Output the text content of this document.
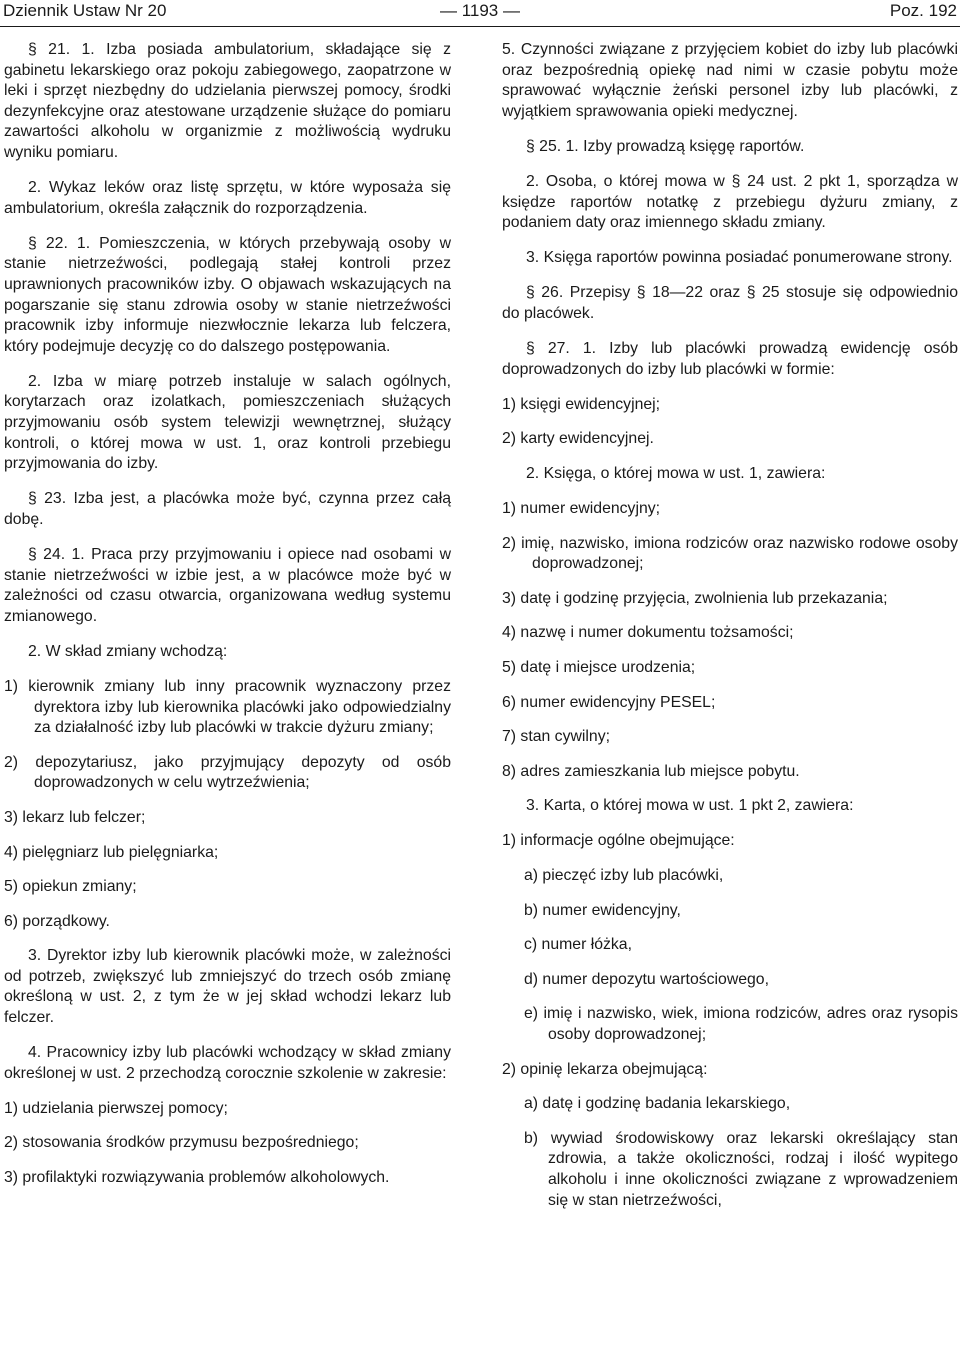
Dziennik Ustaw Nr 20	— 1193 —	Poz. 192

§ 21. 1. Izba posiada ambulatorium, składające się z gabinetu lekarskiego oraz pokoju zabiegowego, zaopatrzone w leki i sprzęt niezbędny do udzielania pierwszej pomocy, środki dezynfekcyjne oraz atestowane urządzenie służące do pomiaru zawartości alkoholu w organizmie z możliwością wydruku wyniku pomiaru.

2. Wykaz leków oraz listę sprzętu, w które wyposaża się ambulatorium, określa załącznik do rozporządzenia.

§ 22. 1. Pomieszczenia, w których przebywają osoby w stanie nietrzeźwości, podlegają stałej kontroli przez uprawnionych pracowników izby. O objawach wskazujących na pogarszanie się stanu zdrowia osoby w stanie nietrzeźwości pracownik izby informuje niezwłocznie lekarza lub felczera, który podejmuje decyzję co do dalszego postępowania.

2. Izba w miarę potrzeb instaluje w salach ogólnych, korytarzach oraz izolatkach, pomieszczeniach służących przyjmowaniu osób system telewizji wewnętrznej, służący kontroli, o której mowa w ust. 1, oraz kontroli przebiegu przyjmowania do izby.

§ 23. Izba jest, a placówka może być, czynna przez całą dobę.

§ 24. 1. Praca przy przyjmowaniu i opiece nad osobami w stanie nietrzeźwości w izbie jest, a w placówce może być w zależności od czasu otwarcia, organizowana według systemu zmianowego.

2. W skład zmiany wchodzą:

1) kierownik zmiany lub inny pracownik wyznaczony przez dyrektora izby lub kierownika placówki jako odpowiedzialny za działalność izby lub placówki w trakcie dyżuru zmiany;

2) depozytariusz, jako przyjmujący depozyty od osób doprowadzonych w celu wytrzeźwienia;

3) lekarz lub felczer;

4) pielęgniarz lub pielęgniarka;

5) opiekun zmiany;

6) porządkowy.

3. Dyrektor izby lub kierownik placówki może, w zależności od potrzeb, zwiększyć lub zmniejszyć do trzech osób zmianę określoną w ust. 2, z tym że w jej skład wchodzi lekarz lub felczer.

4. Pracownicy izby lub placówki wchodzący w skład zmiany określonej w ust. 2 przechodzą corocznie szkolenie w zakresie:

1) udzielania pierwszej pomocy;

2) stosowania środków przymusu bezpośredniego;

3) profilaktyki rozwiązywania problemów alkoholowych.

5. Czynności związane z przyjęciem kobiet do izby lub placówki oraz bezpośrednią opiekę nad nimi w czasie pobytu może sprawować wyłącznie żeński personel izby lub placówki, z wyjątkiem sprawowania opieki medycznej.

§ 25. 1. Izby prowadzą księgę raportów.

2. Osoba, o której mowa w § 24 ust. 2 pkt 1, sporządza w księdze raportów notatkę z przebiegu dyżuru zmiany, z podaniem daty oraz imiennego składu zmiany.

3. Księga raportów powinna posiadać ponumerowane strony.

§ 26. Przepisy § 18—22 oraz § 25 stosuje się odpowiednio do placówek.

§ 27. 1. Izby lub placówki prowadzą ewidencję osób doprowadzonych do izby lub placówki w formie:

1) księgi ewidencyjnej;

2) karty ewidencyjnej.

2. Księga, o której mowa w ust. 1, zawiera:

1) numer ewidencyjny;

2) imię, nazwisko, imiona rodziców oraz nazwisko rodowe osoby doprowadzonej;

3) datę i godzinę przyjęcia, zwolnienia lub przekazania;

4) nazwę i numer dokumentu tożsamości;

5) datę i miejsce urodzenia;

6) numer ewidencyjny PESEL;

7) stan cywilny;

8) adres zamieszkania lub miejsce pobytu.

3. Karta, o której mowa w ust. 1 pkt 2, zawiera:

1) informacje ogólne obejmujące:

a) pieczęć izby lub placówki,

b) numer ewidencyjny,

c) numer łóżka,

d) numer depozytu wartościowego,

e) imię i nazwisko, wiek, imiona rodziców, adres oraz rysopis osoby doprowadzonej;

2) opinię lekarza obejmującą:

a) datę i godzinę badania lekarskiego,

b) wywiad środowiskowy oraz lekarski określający stan zdrowia, a także okoliczności, rodzaj i ilość wypitego alkoholu i inne okoliczności związane z wprowadzeniem się w stan nietrzeźwości,
